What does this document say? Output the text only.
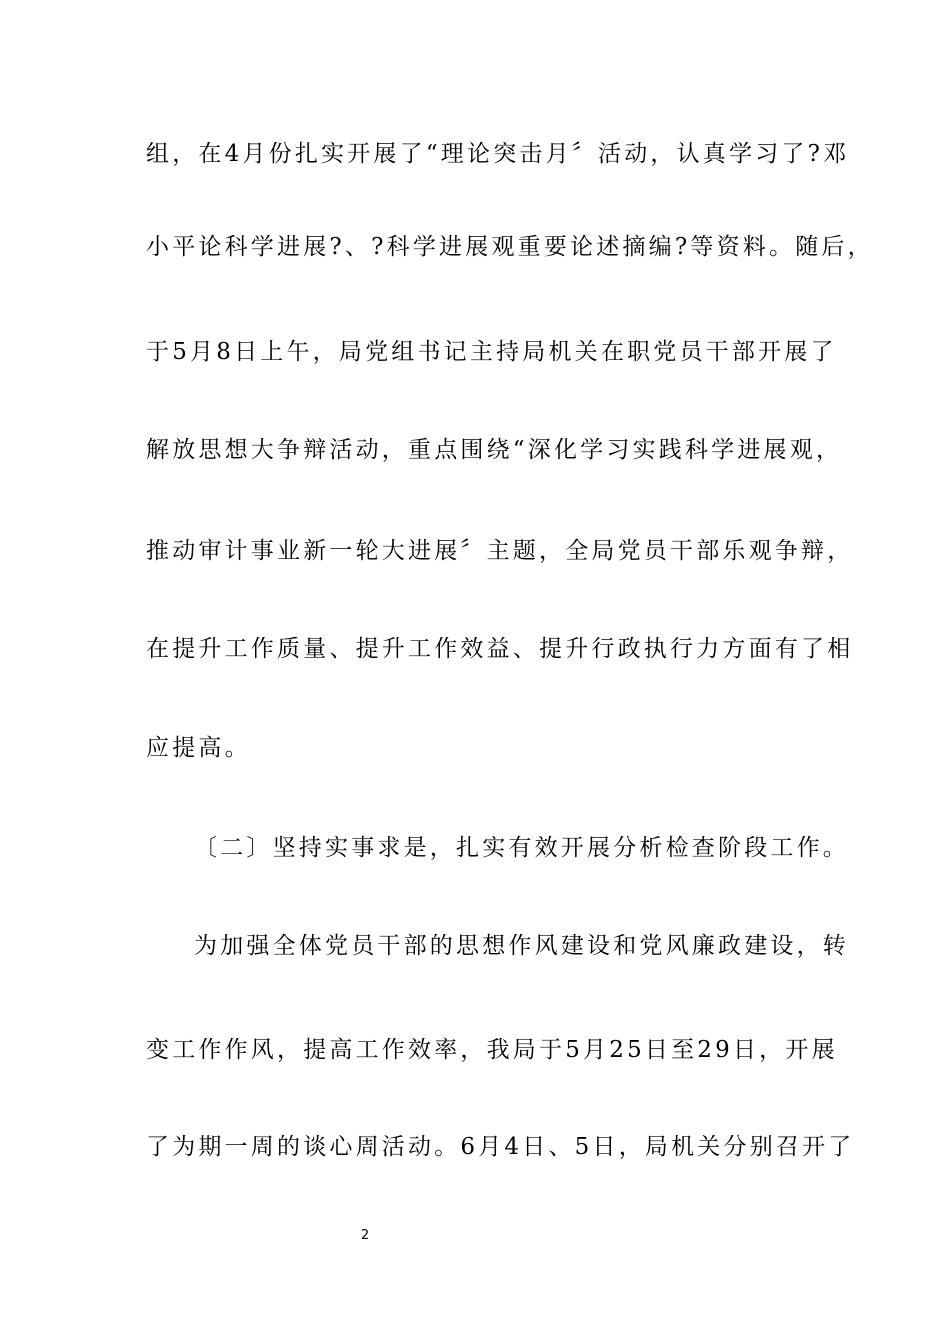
组，在4月份扎实开展了“理论突击月〞活动，认真学习了?邓
小平论科学进展?、?科学进展观重要论述摘编?等资料。随后，
于5月8日上午，局党组书记主持局机关在职党员干部开展了
解放思想大争辩活动，重点围绕“深化学习实践科学进展观，
推动审计事业新一轮大进展〞主题，全局党员干部乐观争辩，
在提升工作质量、提升工作效益、提升行政执行力方面有了相
应提高。
〔二〕坚持实事求是，扎实有效开展分析检查阶段工作。
为加强全体党员干部的思想作风建设和党风廉政建设，转
变工作作风，提高工作效率，我局于5月25日至29日，开展
了为期一周的谈心周活动。6月4日、5日，局机关分别召开了
2
